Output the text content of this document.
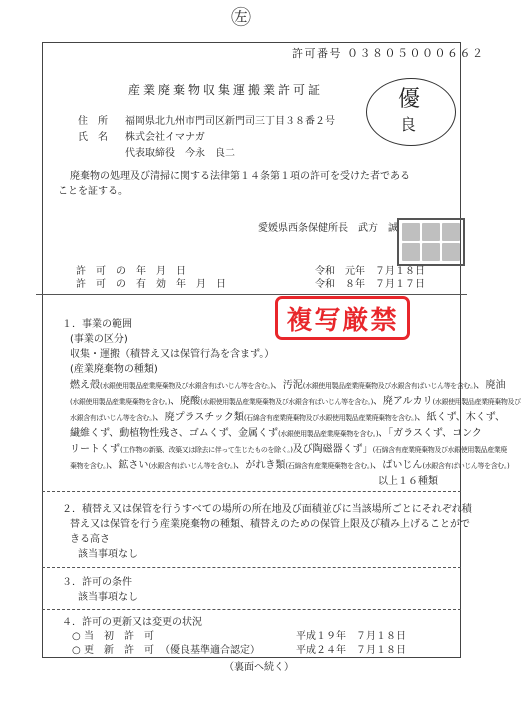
㊧
許可番号 ０３８０５０００６６２
産業廃棄物収集運搬業許可証	優
良
住　所 福岡県北九州市門司区新門司三丁目３８番２号
氏　名 株式会社イマナガ
代表取締役　今永　良二
廃棄物の処理及び清掃に関する法律第１４条第１項の許可を受けた者である
ことを証する。
愛媛県西条保健所長　武方　誠
許　可　の　年　月　日	令和　元年　７月１８日
許　可　の　有　効　年　月　日	令和　８年　７月１７日
複写厳禁
１．事業の範囲
(事業の区分)
収集・運搬（積替え又は保管行為を含まず。）
(産業廃棄物の種類)
燃え殻(水銀使用製品産業廃棄物及び水銀含有ばいじん等を含む。)、汚泥(水銀使用製品産業廃棄物及び水銀含有ばいじん等を含む。)、廃油
(水銀使用製品産業廃棄物を含む。)、廃酸(水銀使用製品産業廃棄物及び水銀含有ばいじん等を含む。)、廃アルカリ(水銀使用製品産業廃棄物及び
水銀含有ばいじん等を含む。)、廃プラスチック類(石綿含有産業廃棄物及び水銀使用製品産業廃棄物を含む。)、紙くず、木くず、
繊維くず、動植物性残さ、ゴムくず、金属くず(水銀使用製品産業廃棄物を含む。)、「ガラスくず、コンク
リートくず(工作物の新築、改築又は除去に伴って生じたものを除く。)及び陶磁器くず」(石綿含有産業廃棄物及び水銀使用製品産業廃
棄物を含む。)、鉱さい(水銀含有ばいじん等を含む。)、がれき類(石綿含有産業廃棄物を含む。)、ばいじん(水銀含有ばいじん等を含む。)
以上１６種類
２．積替え又は保管を行うすべての場所の所在地及び面積並びに当該場所ごとにそれぞれ積
替え又は保管を行う産業廃棄物の種類、積替えのための保管上限及び積み上げることがで
きる高さ
該当事項なし
３．許可の条件
該当事項なし
４．許可の更新又は変更の状況
○ 当　初　許　可	平成１９年　７月１８日
○ 更　新　許　可 （優良基準適合認定）	平成２４年　７月１８日
（裏面へ続く）
